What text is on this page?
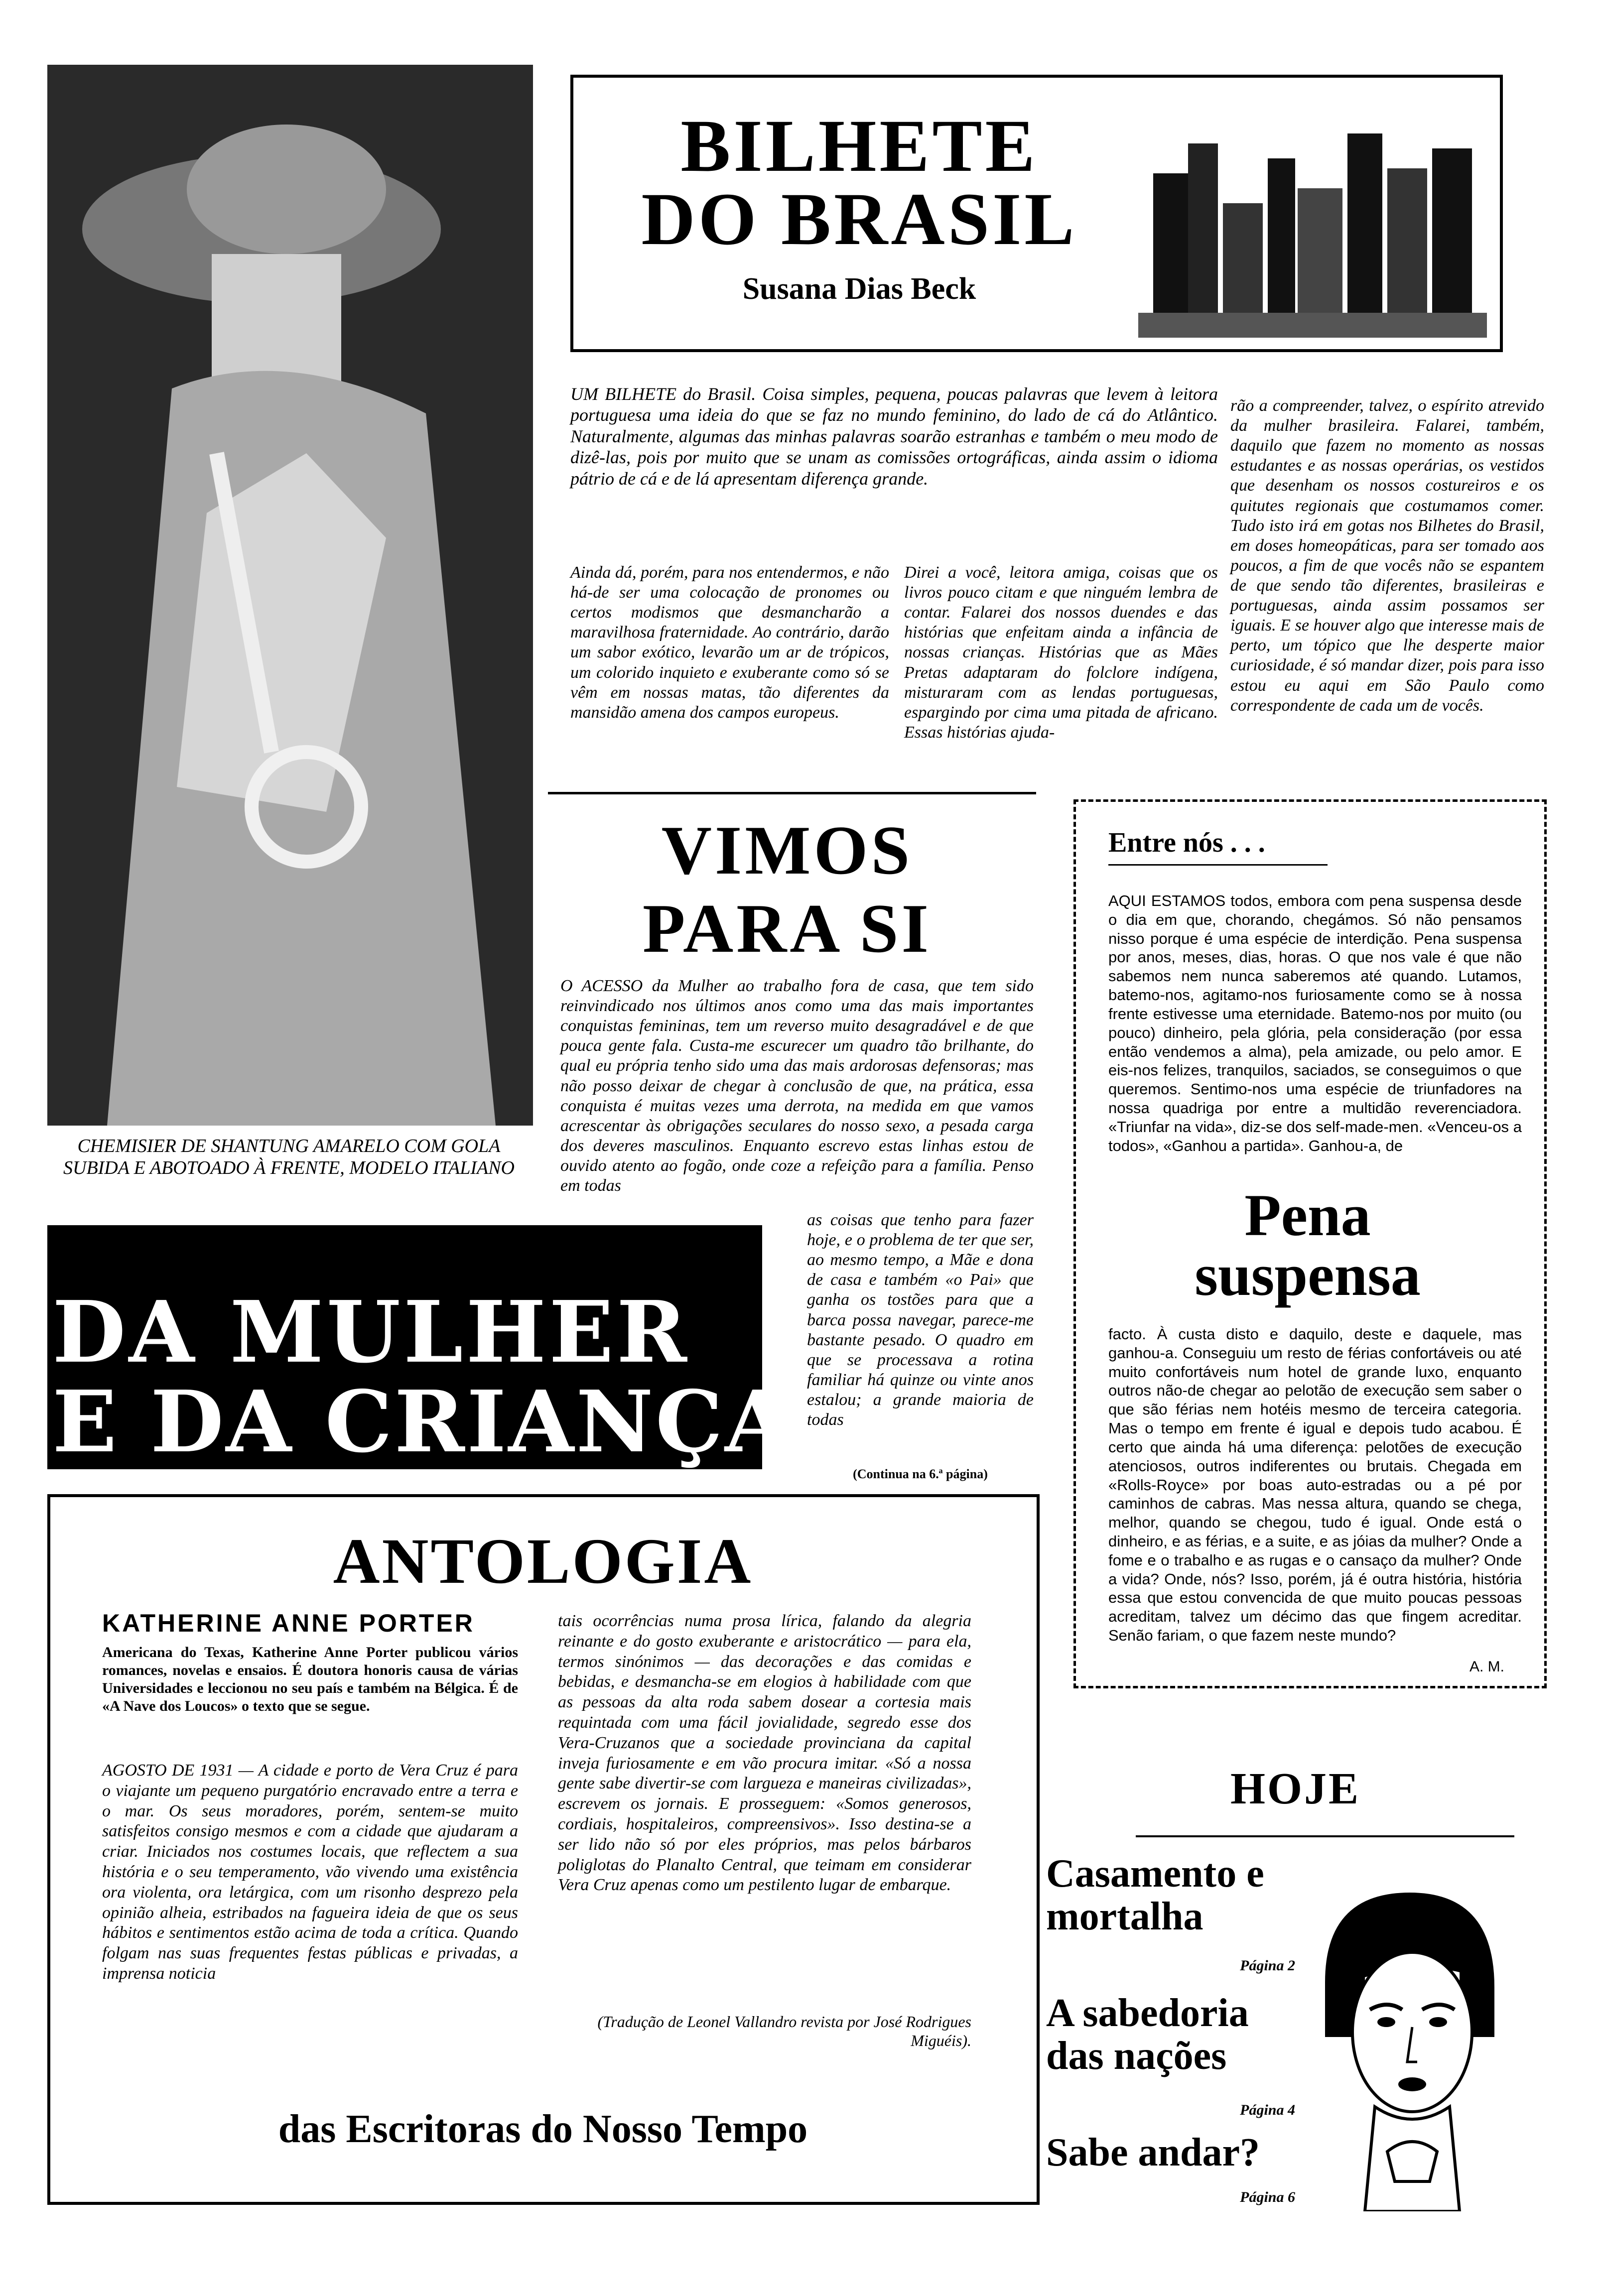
CHEMISIER DE SHANTUNG AMARELO COM GOLA SUBIDA E ABOTOADO À FRENTE, MODELO ITALIANO
BILHETE
DO BRASIL
Susana Dias Beck
UM BILHETE do Brasil. Coisa simples, pequena, poucas palavras que levem à leitora portuguesa uma ideia do que se faz no mundo feminino, do lado de cá do Atlântico. Naturalmente, algumas das minhas palavras soarão estranhas e também o meu modo de dizê-las, pois por muito que se unam as comissões ortográficas, ainda assim o idioma pátrio de cá e de lá apresentam diferença grande.
Ainda dá, porém, para nos entendermos, e não há-de ser uma colocação de pronomes ou certos modismos que desmancharão a maravilhosa fraternidade. Ao contrário, darão um sabor exótico, levarão um ar de trópicos, um colorido inquieto e exuberante como só se vêm em nossas matas, tão diferentes da mansidão amena dos campos europeus.
Direi a você, leitora amiga, coisas que os livros pouco citam e que ninguém lembra de contar. Falarei dos nossos duendes e das histórias que enfeitam ainda a infância de nossas crianças. Histórias que as Mães Pretas adaptaram do folclore indígena, misturaram com as lendas portuguesas, espargindo por cima uma pitada de africano. Essas histórias ajuda-
rão a compreender, talvez, o espírito atrevido da mulher brasileira. Falarei, também, daquilo que fazem no momento as nossas estudantes e as nossas operárias, os vestidos que desenham os nossos costureiros e os quitutes regionais que costumamos comer. Tudo isto irá em gotas nos Bilhetes do Brasil, em doses homeopáticas, para ser tomado aos poucos, a fim de que vocês não se espantem de que sendo tão diferentes, brasileiras e portuguesas, ainda assim possamos ser iguais. E se houver algo que interesse mais de perto, um tópico que lhe desperte maior curiosidade, é só mandar dizer, pois para isso estou eu aqui em São Paulo como correspondente de cada um de vocês.
VIMOS
PARA SI
O ACESSO da Mulher ao trabalho fora de casa, que tem sido reinvindicado nos últimos anos como uma das mais importantes conquistas femininas, tem um reverso muito desagradável e de que pouca gente fala. Custa-me escurecer um quadro tão brilhante, do qual eu própria tenho sido uma das mais ardorosas defensoras; mas não posso deixar de chegar à conclusão de que, na prática, essa conquista é muitas vezes uma derrota, na medida em que vamos acrescentar às obrigações seculares do nosso sexo, a pesada carga dos deveres masculinos. Enquanto escrevo estas linhas estou de ouvido atento ao fogão, onde coze a refeição para a família. Penso em todas
as coisas que tenho para fazer hoje, e o problema de ter que ser, ao mesmo tempo, a Mãe e dona de casa e também «o Pai» que ganha os tostões para que a barca possa navegar, parece-me bastante pesado. O quadro em que se processava a rotina familiar há quinze ou vinte anos estalou; a grande maioria de todas
(Continua na 6.ª página)
DA MULHER
E DA CRIANÇA
Entre nós . . .
AQUI ESTAMOS todos, embora com pena suspensa desde o dia em que, chorando, chegámos. Só não pensamos nisso porque é uma espécie de interdição. Pena suspensa por anos, meses, dias, horas. O que nos vale é que não sabemos nem nunca saberemos até quando. Lutamos, batemo-nos, agitamo-nos furiosamente como se à nossa frente estivesse uma eternidade. Batemo-nos por muito (ou pouco) dinheiro, pela glória, pela consideração (por essa então vendemos a alma), pela amizade, ou pelo amor. E eis-nos felizes, tranquilos, saciados, se conseguimos o que queremos. Sentimo-nos uma espécie de triunfadores na nossa quadriga por entre a multidão reverenciadora. «Triunfar na vida», diz-se dos self-made-men. «Venceu-os a todos», «Ganhou a partida». Ganhou-a, de
Pena
suspensa
facto. À custa disto e daquilo, deste e daquele, mas ganhou-a. Conseguiu um resto de férias confortáveis ou até muito confortáveis num hotel de grande luxo, enquanto outros não-de chegar ao pelotão de execução sem saber o que são férias nem hotéis mesmo de terceira categoria. Mas o tempo em frente é igual e depois tudo acabou. É certo que ainda há uma diferença: pelotões de execução atenciosos, outros indiferentes ou brutais. Chegada em «Rolls-Royce» por boas auto-estradas ou a pé por caminhos de cabras. Mas nessa altura, quando se chega, melhor, quando se chegou, tudo é igual. Onde está o dinheiro, e as férias, e a suite, e as jóias da mulher? Onde a fome e o trabalho e as rugas e o cansaço da mulher? Onde a vida? Onde, nós? Isso, porém, já é outra história, história essa que estou convencida de que muito poucas pessoas acreditam, talvez um décimo das que fingem acreditar. Senão fariam, o que fazem neste mundo?
A. M.
ANTOLOGIA
KATHERINE ANNE PORTER
Americana do Texas, Katherine Anne Porter publicou vários romances, novelas e ensaios. É doutora honoris causa de várias Universidades e leccionou no seu país e também na Bélgica. É de «A Nave dos Loucos» o texto que se segue.
AGOSTO DE 1931 — A cidade e porto de Vera Cruz é para o viajante um pequeno purgatório encravado entre a terra e o mar. Os seus moradores, porém, sentem-se muito satisfeitos consigo mesmos e com a cidade que ajudaram a criar. Iniciados nos costumes locais, que reflectem a sua história e o seu temperamento, vão vivendo uma existência ora violenta, ora letárgica, com um risonho desprezo pela opinião alheia, estribados na fagueira ideia de que os seus hábitos e sentimentos estão acima de toda a crítica. Quando folgam nas suas frequentes festas públicas e privadas, a imprensa noticia
tais ocorrências numa prosa lírica, falando da alegria reinante e do gosto exuberante e aristocrático — para ela, termos sinónimos — das decorações e das comidas e bebidas, e desmancha-se em elogios à habilidade com que as pessoas da alta roda sabem dosear a cortesia mais requintada com uma fácil jovialidade, segredo esse dos Vera-Cruzanos que a sociedade provinciana da capital inveja furiosamente e em vão procura imitar. «Só a nossa gente sabe divertir-se com largueza e maneiras civilizadas», escrevem os jornais. E prosseguem: «Somos generosos, cordiais, hospitaleiros, compreensivos». Isso destina-se a ser lido não só por eles próprios, mas pelos bárbaros poliglotas do Planalto Central, que teimam em considerar Vera Cruz apenas como um pestilento lugar de embarque.
(Tradução de Leonel Vallandro revista por José Rodrigues Miguéis).
das Escritoras do Nosso Tempo
HOJE
Casamento e mortalha
Página 2
A sabedoria das nações
Página 4
Sabe andar?
Página 6
